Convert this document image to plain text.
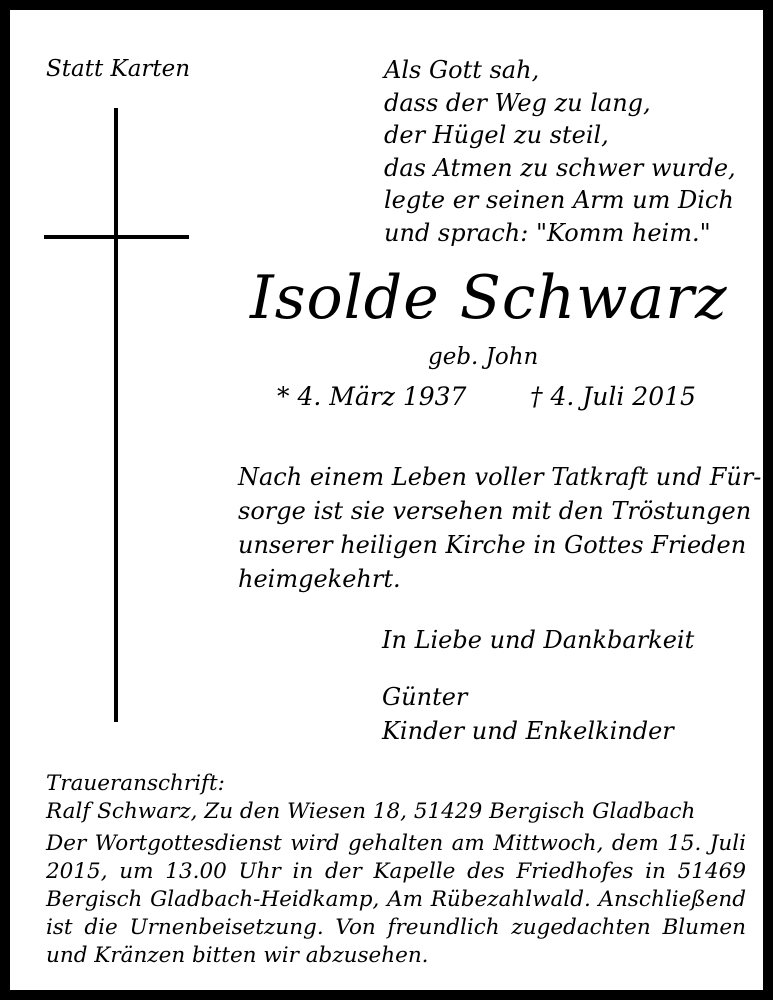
Statt Karten	Als Gott sah,
dass der Weg zu lang,
der Hügel zu steil,
das Atmen zu schwer wurde,
legte er seinen Arm um Dich
und sprach: "Komm heim."
Isolde Schwarz
geb. John
* 4. März 1937	† 4. Juli 2015
Nach einem Leben voller Tatkraft und Für-
sorge ist sie versehen mit den Tröstungen
unserer heiligen Kirche in Gottes Frieden
heimgekehrt.
In Liebe und Dankbarkeit
Günter
Kinder und Enkelkinder
Traueranschrift:
Ralf Schwarz, Zu den Wiesen 18, 51429 Bergisch Gladbach
Der Wortgottesdienst wird gehalten am Mittwoch, dem 15. Juli
2015, um 13.00 Uhr in der Kapelle des Friedhofes in 51469
Bergisch Gladbach-Heidkamp, Am Rübezahlwald. Anschließend
ist die Urnenbeisetzung. Von freundlich zugedachten Blumen
und Kränzen bitten wir abzusehen.
